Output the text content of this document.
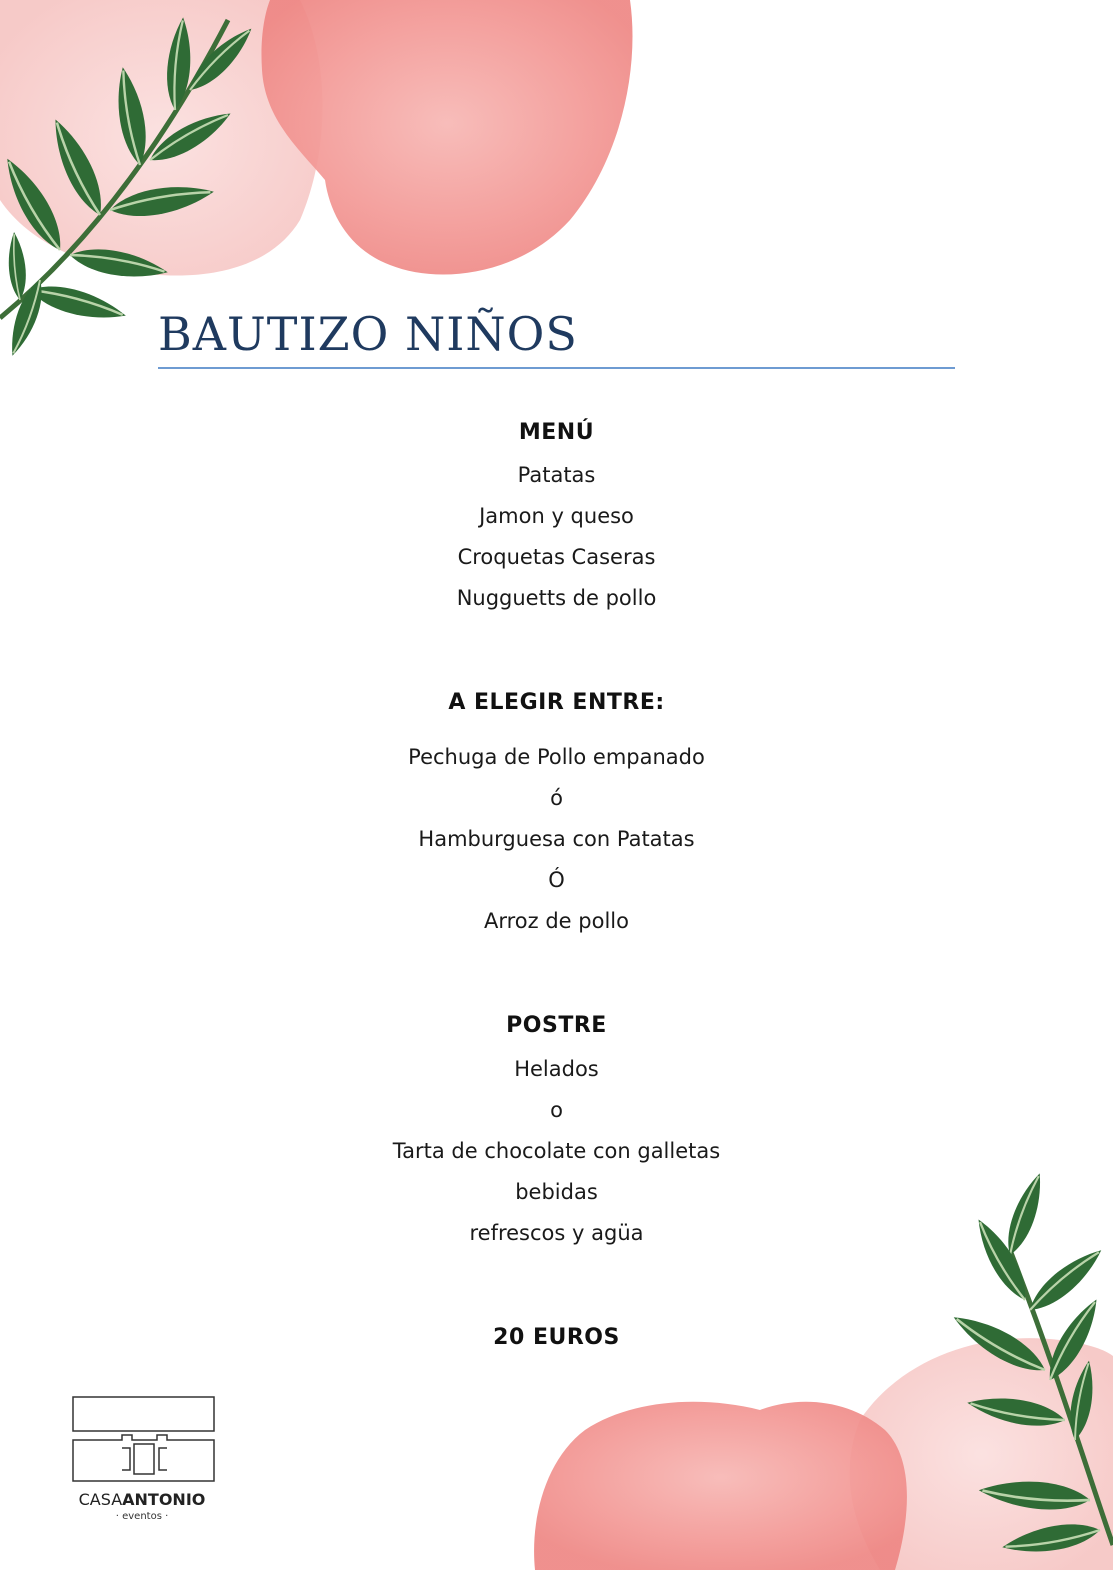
BAUTIZO NIÑOS
MENÚ
Patatas
Jamon y queso
Croquetas Caseras
Nugguetts de pollo
A ELEGIR ENTRE:
Pechuga de Pollo empanado
ó
Hamburguesa con Patatas
Ó
Arroz de pollo
POSTRE
Helados
o
Tarta de chocolate con galletas
bebidas
refrescos y agüa
20 EUROS
CASAANTONIO
· eventos ·
